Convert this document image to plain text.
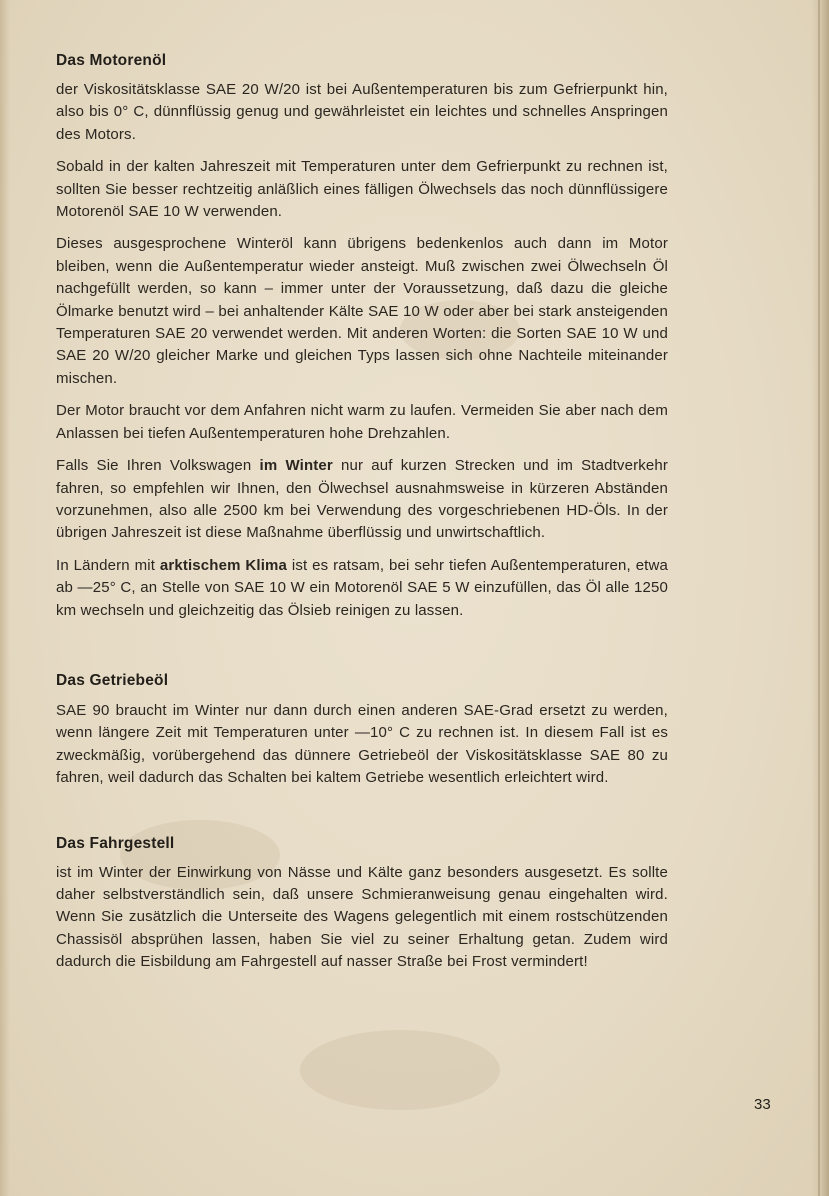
Das Motorenöl

der Viskositätsklasse SAE 20 W/20 ist bei Außentemperaturen bis zum Gefrierpunkt hin, also bis 0° C, dünnflüssig genug und gewährleistet ein leichtes und schnelles Anspringen des Motors.

Sobald in der kalten Jahreszeit mit Temperaturen unter dem Gefrierpunkt zu rechnen ist, sollten Sie besser rechtzeitig anläßlich eines fälligen Ölwechsels das noch dünnflüssigere Motorenöl SAE 10 W verwenden.

Dieses ausgesprochene Winteröl kann übrigens bedenkenlos auch dann im Motor bleiben, wenn die Außentemperatur wieder ansteigt. Muß zwischen zwei Ölwechseln Öl nachgefüllt werden, so kann – immer unter der Voraussetzung, daß dazu die gleiche Ölmarke benutzt wird – bei anhaltender Kälte SAE 10 W oder aber bei stark ansteigenden Temperaturen SAE 20 verwendet werden. Mit anderen Worten: die Sorten SAE 10 W und SAE 20 W/20 gleicher Marke und gleichen Typs lassen sich ohne Nachteile miteinander mischen.

Der Motor braucht vor dem Anfahren nicht warm zu laufen. Vermeiden Sie aber nach dem Anlassen bei tiefen Außentemperaturen hohe Drehzahlen.

Falls Sie Ihren Volkswagen im Winter nur auf kurzen Strecken und im Stadtverkehr fahren, so empfehlen wir Ihnen, den Ölwechsel ausnahmsweise in kürzeren Abständen vorzunehmen, also alle 2500 km bei Verwendung des vorgeschriebenen HD-Öls. In der übrigen Jahreszeit ist diese Maßnahme überflüssig und unwirtschaftlich.

In Ländern mit arktischem Klima ist es ratsam, bei sehr tiefen Außentemperaturen, etwa ab —25° C, an Stelle von SAE 10 W ein Motorenöl SAE 5 W einzufüllen, das Öl alle 1250 km wechseln und gleichzeitig das Ölsieb reinigen zu lassen.

Das Getriebeöl

SAE 90 braucht im Winter nur dann durch einen anderen SAE-Grad ersetzt zu werden, wenn längere Zeit mit Temperaturen unter —10° C zu rechnen ist. In diesem Fall ist es zweckmäßig, vorübergehend das dünnere Getriebeöl der Viskositätsklasse SAE 80 zu fahren, weil dadurch das Schalten bei kaltem Getriebe wesentlich erleichtert wird.

Das Fahrgestell

ist im Winter der Einwirkung von Nässe und Kälte ganz besonders ausgesetzt. Es sollte daher selbstverständlich sein, daß unsere Schmieranweisung genau eingehalten wird. Wenn Sie zusätzlich die Unterseite des Wagens gelegentlich mit einem rostschützenden Chassisöl absprühen lassen, haben Sie viel zu seiner Erhaltung getan. Zudem wird dadurch die Eisbildung am Fahrgestell auf nasser Straße bei Frost vermindert!

33
